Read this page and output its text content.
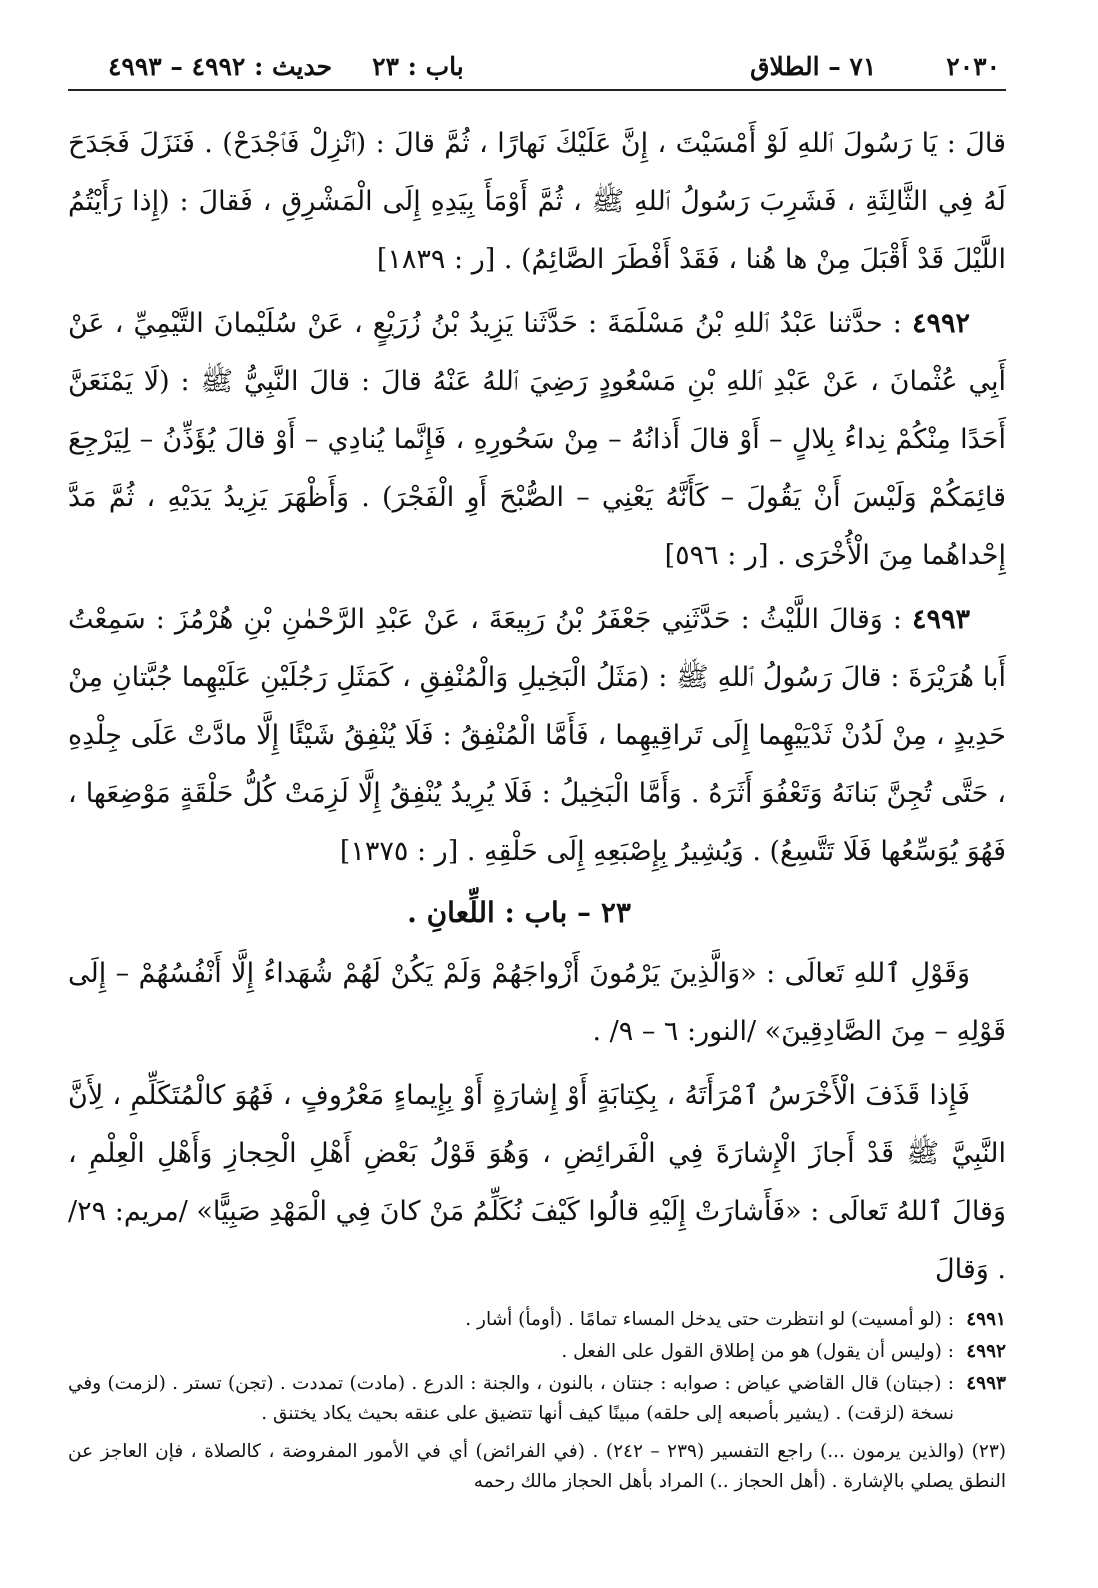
٢٠٣٠
٧١ – الطلاق
باب : ٢٣
حديث : ٤٩٩٢ – ٤٩٩٣

قالَ : يَا رَسُولَ ٱللهِ لَوْ أَمْسَيْتَ ، إِنَّ عَلَيْكَ نَهارًا ، ثُمَّ قالَ : (ٱنْزِلْ فَٱجْدَحْ) . فَنَزَلَ فَجَدَحَ لَهُ فِي الثَّالِثَةِ ، فَشَرِبَ رَسُولُ ٱللهِ ﷺ ، ثُمَّ أَوْمَأَ بِيَدِهِ إِلَى الْمَشْرِقِ ، فَقالَ : (إِذا رَأَيْتُمُ اللَّيْلَ قَدْ أَقْبَلَ مِنْ ها هُنا ، فَقَدْ أَفْطَرَ الصَّائِمُ) . [ر : ١٨٣٩]

٤٩٩٢ : حدَّثنا عَبْدُ ٱللهِ بْنُ مَسْلَمَةَ : حَدَّثَنا يَزِيدُ بْنُ زُرَيْعٍ ، عَنْ سُلَيْمانَ التَّيْمِيِّ ، عَنْ أَبِي عُثْمانَ ، عَنْ عَبْدِ ٱللهِ بْنِ مَسْعُودٍ رَضِيَ ٱللهُ عَنْهُ قالَ : قالَ النَّبِيُّ ﷺ : (لَا يَمْنَعَنَّ أَحَدًا مِنْكُمْ نِداءُ بِلالٍ – أَوْ قالَ أَذانُهُ – مِنْ سَحُورِهِ ، فَإِنَّما يُنادِي – أَوْ قالَ يُؤَذِّنُ – لِيَرْجِعَ قائِمَكُمْ وَلَيْسَ أَنْ يَقُولَ – كَأَنَّهُ يَعْنِي – الصُّبْحَ أَوِ الْفَجْرَ) . وَأَظْهَرَ يَزِيدُ يَدَيْهِ ، ثُمَّ مَدَّ إِحْداهُما مِنَ الْأُخْرَى . [ر : ٥٩٦]

٤٩٩٣ : وَقالَ اللَّيْثُ : حَدَّثَنِي جَعْفَرُ بْنُ رَبِيعَةَ ، عَنْ عَبْدِ الرَّحْمٰنِ بْنِ هُرْمُزَ : سَمِعْتُ أَبا هُرَيْرَةَ : قالَ رَسُولُ ٱللهِ ﷺ : (مَثَلُ الْبَخِيلِ وَالْمُنْفِقِ ، كَمَثَلِ رَجُلَيْنِ عَلَيْهِما جُبَّتانِ مِنْ حَدِيدٍ ، مِنْ لَدُنْ ثَدْيَيْهِما إِلَى تَراقِيهِما ، فَأَمَّا الْمُنْفِقُ : فَلَا يُنْفِقُ شَيْئًا إِلَّا مادَّتْ عَلَى جِلْدِهِ ، حَتَّى تُجِنَّ بَنانَهُ وَتَعْفُوَ أَثَرَهُ . وَأَمَّا الْبَخِيلُ : فَلَا يُرِيدُ يُنْفِقُ إِلَّا لَزِمَتْ كُلُّ حَلْقَةٍ مَوْضِعَها ، فَهُوَ يُوَسِّعُها فَلَا تَتَّسِعُ) . وَيُشِيرُ بِإِصْبَعِهِ إِلَى حَلْقِهِ . [ر : ١٣٧٥]

٢٣ – باب : اللِّعانِ .

وَقَوْلِ ٱللهِ تَعالَى : «وَالَّذِينَ يَرْمُونَ أَزْواجَهُمْ وَلَمْ يَكُنْ لَهُمْ شُهَداءُ إِلَّا أَنْفُسُهُمْ – إِلَى قَوْلِهِ – مِنَ الصَّادِقِينَ» /النور: ٦ – ٩/ .

فَإِذا قَذَفَ الْأَخْرَسُ ٱمْرَأَتَهُ ، بِكِتابَةٍ أَوْ إِشارَةٍ أَوْ بِإِيماءٍ مَعْرُوفٍ ، فَهُوَ كالْمُتَكَلِّمِ ، لِأَنَّ النَّبِيَّ ﷺ قَدْ أَجازَ الْإِشارَةَ فِي الْفَرائِضِ ، وَهُوَ قَوْلُ بَعْضِ أَهْلِ الْحِجازِ وَأَهْلِ الْعِلْمِ ، وَقالَ ٱللهُ تَعالَى : «فَأَشارَتْ إِلَيْهِ قالُوا كَيْفَ نُكَلِّمُ مَنْ كانَ فِي الْمَهْدِ صَبِيًّا» /مريم: ٢٩/ . وَقالَ

٤٩٩١
: (لو أمسيت) لو انتظرت حتى يدخل المساء تمامًا . (أومأ) أشار .
٤٩٩٢
: (وليس أن يقول) هو من إطلاق القول على الفعل .
٤٩٩٣
: (جبتان) قال القاضي عياض : صوابه : جنتان ، بالنون ، والجنة : الدرع . (مادت) تمددت . (تجن) تستر . (لزمت) وفي نسخة (لزقت) . (يشير بأصبعه إلى حلقه) مبينًا كيف أنها تتضيق على عنقه بحيث يكاد يختنق .
(٢٣) (والذين يرمون ...) راجع التفسير (٢٣٩ – ٢٤٢) . (في الفرائض) أي في الأمور المفروضة ، كالصلاة ، فإن العاجز عن النطق يصلي بالإشارة . (أهل الحجاز ..) المراد بأهل الحجاز مالك رحمه
